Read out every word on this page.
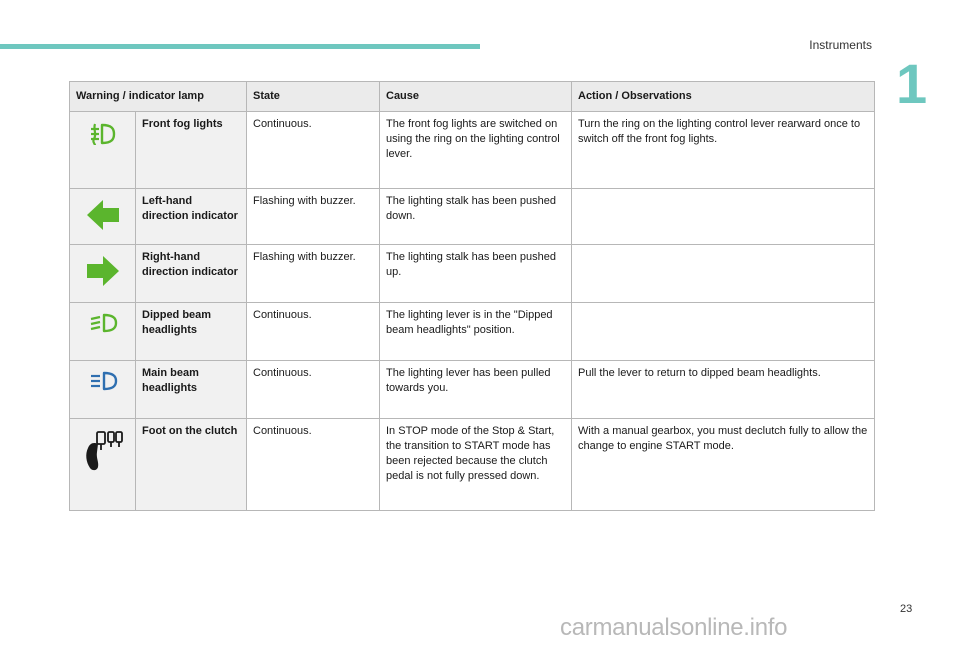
Instruments
1
Warning / indicator lamp		State	Cause	Action / Observations

	Front fog lights	Continuous.	The front fog lights are switched on using the ring on the lighting control lever.	Turn the ring on the lighting control lever rearward once to switch off the front fog lights.

	Left-hand direction indicator	Flashing with buzzer.	The lighting stalk has been pushed down.	

	Right-hand direction indicator	Flashing with buzzer.	The lighting stalk has been pushed up.	

	Dipped beam headlights	Continuous.	The lighting lever is in the "Dipped beam headlights" position.	

	Main beam headlights	Continuous.	The lighting lever has been pulled towards you.	Pull the lever to return to dipped beam headlights.

	Foot on the clutch	Continuous.	In STOP mode of the Stop & Start, the transition to START mode has been rejected because the clutch pedal is not fully pressed down.	With a manual gearbox, you must declutch fully to allow the change to engine START mode.
23
carmanualsonline.info
